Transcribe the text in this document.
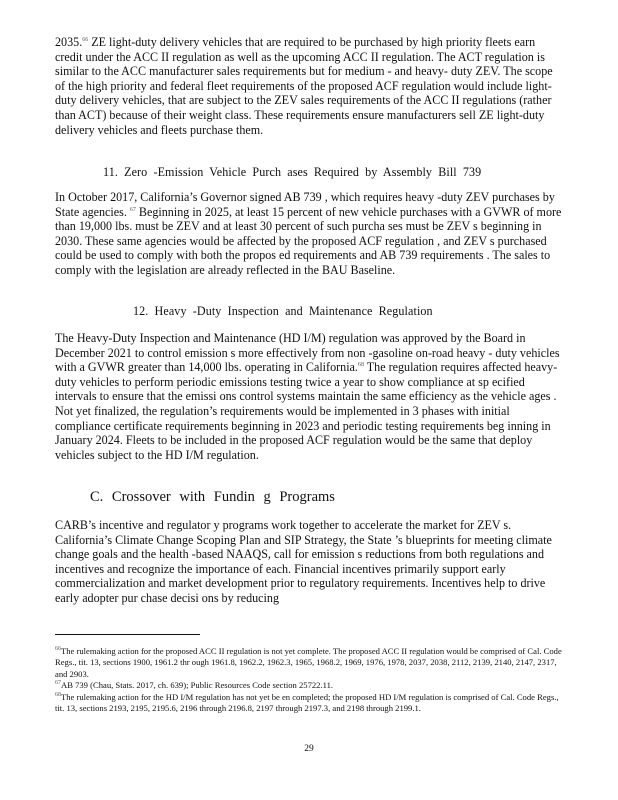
2035.66 ZE light-duty delivery vehicles that are required to be purchased by high priority fleets earn credit under the ACC II regulation as well as the upcoming ACC II regulation. The ACT regulation is similar to the ACC manufacturer sales requirements but for medium - and heavy- duty ZEV. The scope of the high priority and federal fleet requirements of the proposed ACF regulation would include light-duty delivery vehicles, that are subject to the ZEV sales requirements of the ACC II regulations (rather than ACT) because of their weight class. These requirements ensure manufacturers sell ZE light-duty delivery vehicles and fleets purchase them.

11. Zero -Emission Vehicle Purch ases Required by Assembly Bill 739

In October 2017, California’s Governor signed AB 739 , which requires heavy -duty ZEV purchases by State agencies. $^{67}$ Beginning in 2025, at least 15 percent of new vehicle purchases with a GVWR of more than 19,000 lbs. must be ZEV and at least 30 percent of such purcha ses must be ZEV s beginning in 2030. These same agencies would be affected by the proposed ACF regulation , and ZEV s purchased could be used to comply with both the propos ed requirements and AB 739 requirements . The sales to comply with the legislation are already reflected in the BAU Baseline.

12. Heavy -Duty Inspection and Maintenance Regulation

The Heavy-Duty Inspection and Maintenance (HD I/M) regulation was approved by the Board in December 2021 to control emission s more effectively from non -gasoline on-road heavy - duty vehicles with a GVWR greater than 14,000 lbs. operating in California.$^{68}$ The regulation requires affected heavy-duty vehicles to perform periodic emissions testing twice a year to show compliance at sp ecified intervals to ensure that the emissi ons control systems maintain the same efficiency as the vehicle ages . Not yet finalized, the regulation’s requirements would be implemented in 3 phases with initial compliance certificate requirements beginning in 2023 and periodic testing requirements beg inning in January 2024. Fleets to be included in the proposed ACF regulation would be the same that deploy vehicles subject to the HD I/M regulation.

C. Crossover with Fundin g Programs

CARB’s incentive and regulator y programs work together to accelerate the market for ZEV s. California’s Climate Change Scoping Plan and SIP Strategy, the State ’s blueprints for meeting climate change goals and the health -based NAAQS, call for emission s reductions from both regulations and incentives and recognize the importance of each. Financial incentives primarily support early commercialization and market development prior to regulatory requirements. Incentives help to drive early adopter pur chase decisi ons by reducing

$^{66}$The rulemaking action for the proposed ACC II regulation is not yet complete. The proposed ACC II regulation would be comprised of Cal. Code Regs., tit. 13, sections 1900, 1961.2 thr ough 1961.8, 1962.2, 1962.3, 1965, 1968.2, 1969, 1976, 1978, 2037, 2038, 2112, 2139, 2140, 2147, 2317, and 2903.

$^{67}$AB 739 (Chau, Stats. 2017, ch. 639); Public Resources Code section 25722.11.

$^{68}$The rulemaking action for the HD I/M regulation has not yet be en completed; the proposed HD I/M regulation is comprised of Cal. Code Regs., tit. 13, sections 2193, 2195, 2195.6, 2196 through 2196.8, 2197 through 2197.3, and 2198 through 2199.1.

29
